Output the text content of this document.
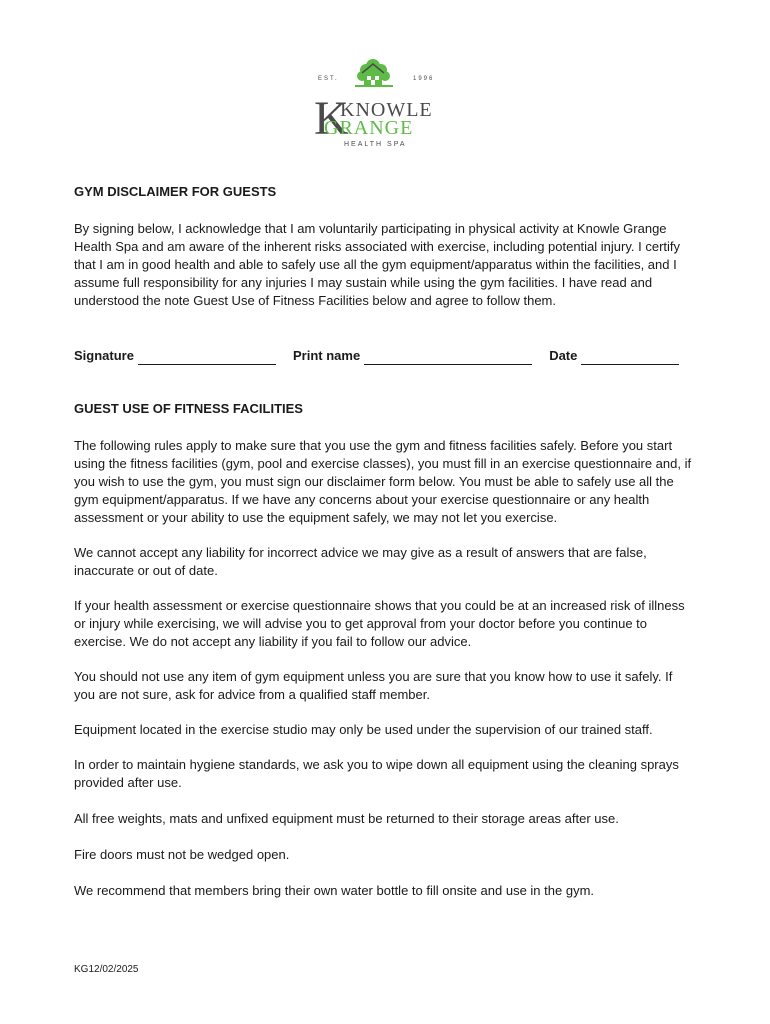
EST.	1996
K
KNOWLE
GRANGE
HEALTH SPA

GYM DISCLAIMER FOR GUESTS

By signing below, I acknowledge that I am voluntarily participating in physical activity at Knowle Grange Health Spa and am aware of the inherent risks associated with exercise, including potential injury. I certify that I am in good health and able to safely use all the gym equipment/apparatus within the facilities, and I assume full responsibility for any injuries I may sustain while using the gym facilities. I have read and understood the note Guest Use of Fitness Facilities below and agree to follow them.

Signature	Print name	Date

GUEST USE OF FITNESS FACILITIES

The following rules apply to make sure that you use the gym and fitness facilities safely. Before you start using the fitness facilities (gym, pool and exercise classes), you must fill in an exercise questionnaire and, if you wish to use the gym, you must sign our disclaimer form below. You must be able to safely use all the gym equipment/apparatus. If we have any concerns about your exercise questionnaire or any health assessment or your ability to use the equipment safely, we may not let you exercise.

We cannot accept any liability for incorrect advice we may give as a result of answers that are false, inaccurate or out of date.

If your health assessment or exercise questionnaire shows that you could be at an increased risk of illness or injury while exercising, we will advise you to get approval from your doctor before you continue to exercise. We do not accept any liability if you fail to follow our advice.

You should not use any item of gym equipment unless you are sure that you know how to use it safely. If you are not sure, ask for advice from a qualified staff member.

Equipment located in the exercise studio may only be used under the supervision of our trained staff.

In order to maintain hygiene standards, we ask you to wipe down all equipment using the cleaning sprays provided after use.

All free weights, mats and unfixed equipment must be returned to their storage areas after use.

Fire doors must not be wedged open.

We recommend that members bring their own water bottle to fill onsite and use in the gym.

KG12/02/2025
